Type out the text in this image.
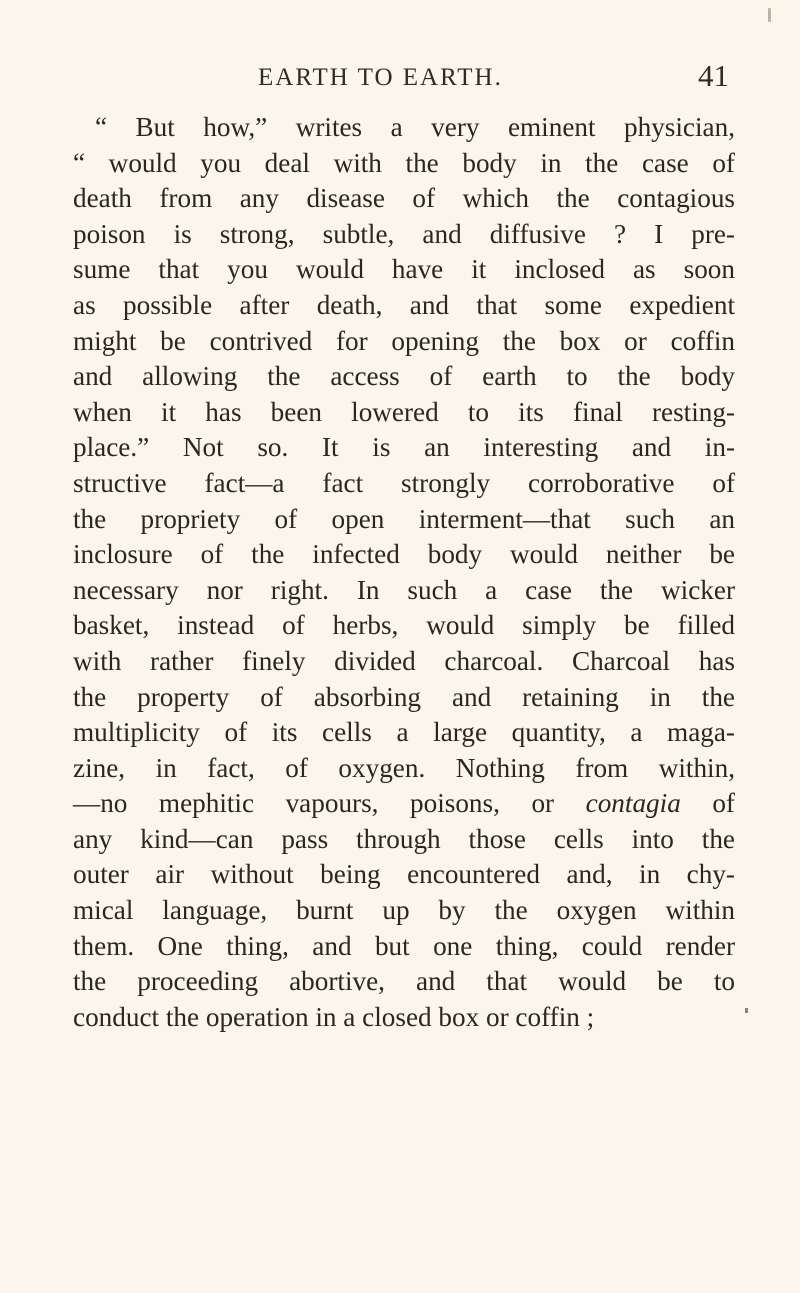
EARTH TO EARTH.	41
“ But how,” writes a very eminent physician,
“ would you deal with the body in the case of
death from any disease of which the contagious
poison is strong, subtle, and diffusive ? I pre-
sume that you would have it inclosed as soon
as possible after death, and that some expedient
might be contrived for opening the box or coffin
and allowing the access of earth to the body
when it has been lowered to its final resting-
place.” Not so. It is an interesting and in-
structive fact—a fact strongly corroborative of
the propriety of open interment—that such an
inclosure of the infected body would neither be
necessary nor right. In such a case the wicker
basket, instead of herbs, would simply be filled
with rather finely divided charcoal. Charcoal has
the property of absorbing and retaining in the
multiplicity of its cells a large quantity, a maga-
zine, in fact, of oxygen. Nothing from within,
—no mephitic vapours, poisons, or contagia of
any kind—can pass through those cells into the
outer air without being encountered and, in chy-
mical language, burnt up by the oxygen within
them. One thing, and but one thing, could render
the proceeding abortive, and that would be to
conduct the operation in a closed box or coffin ;
